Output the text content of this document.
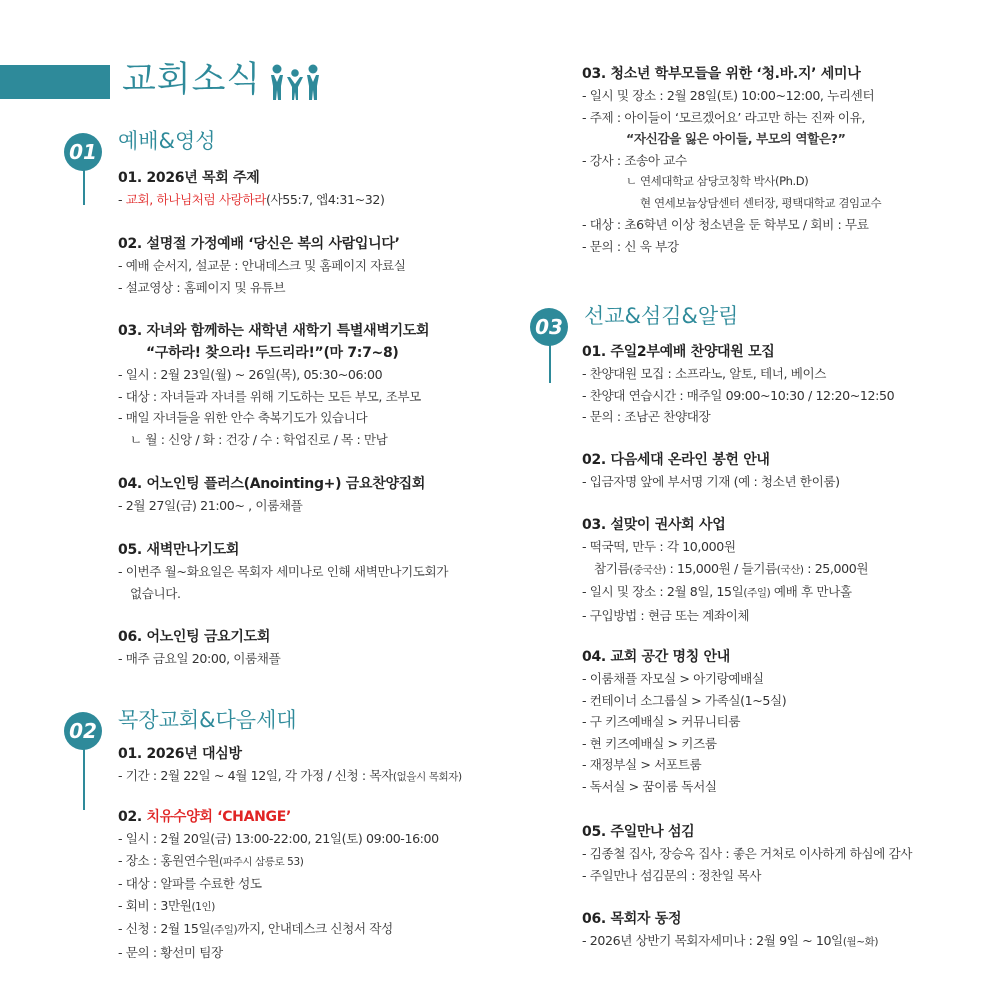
교회소식
01 예배&영성
02 목장교회&다음세대
03 선교&섬김&알림
01. 2026년 목회 주제
- 교회, 하나님처럼 사랑하라(사55:7, 엡4:31~32)
02. 설명절 가정예배 ‘당신은 복의 사람입니다’
- 예배 순서지, 설교문 : 안내데스크 및 홈페이지 자료실
- 설교영상 : 홈페이지 및 유튜브
03. 자녀와 함께하는 새학년 새학기 특별새벽기도회
“구하라! 찾으라! 두드리라!”(마 7:7~8)
- 일시 : 2월 23일(월) ~ 26일(목), 05:30~06:00
- 대상 : 자녀들과 자녀를 위해 기도하는 모든 부모, 조부모
- 매일 자녀들을 위한 안수 축복기도가 있습니다
ㄴ 월 : 신앙 / 화 : 건강 / 수 : 학업진로 / 목 : 만남
04. 어노인팅 플러스(Anointing+) 금요찬양집회
- 2월 27일(금) 21:00~ , 이룸채플
05. 새벽만나기도회
- 이번주 월~화요일은 목회자 세미나로 인해 새벽만나기도회가
없습니다.
06. 어노인팅 금요기도회
- 매주 금요일 20:00, 이룸채플
01. 2026년 대심방
- 기간 : 2월 22일 ~ 4월 12일, 각 가정 / 신청 : 목자(없을시 목회자)
02. 치유수양회 ‘CHANGE’
- 일시 : 2월 20일(금) 13:00-22:00, 21일(토) 09:00-16:00
- 장소 : 홍원연수원(파주시 삼릉로 53)
- 대상 : 알파를 수료한 성도
- 회비 : 3만원(1인)
- 신청 : 2월 15일(주일)까지, 안내데스크 신청서 작성
- 문의 : 황선미 팀장
03. 청소년 학부모들을 위한 ‘청.바.지’ 세미나
- 일시 및 장소 : 2월 28일(토) 10:00~12:00, 누리센터
- 주제 : 아이들이 ‘모르겠어요’ 라고만 하는 진짜 이유,
“자신감을 잃은 아이들, 부모의 역할은?”
- 강사 : 조송아 교수
ㄴ 연세대학교 삼당코칭학 박사(Ph.D)
현 연세보늄상담센터 센터장, 평택대학교 겸임교수
- 대상 : 초6학년 이상 청소년을 둔 학부모 / 회비 : 무료
- 문의 : 신 욱 부강
01. 주일2부예배 찬양대원 모집
- 찬양대원 모집 : 소프라노, 알토, 테너, 베이스
- 찬양대 연습시간 : 매주일 09:00~10:30 / 12:20~12:50
- 문의 : 조남곤 찬양대장
02. 다음세대 온라인 봉헌 안내
- 입금자명 앞에 부서명 기재 (예 : 청소년 한이룸)
03. 설맞이 권사회 사업
- 떡국떡, 만두 : 각 10,000원
참기름(중국산) : 15,000원 / 들기름(국산) : 25,000원
- 일시 및 장소 : 2월 8일, 15일(주일) 예배 후 만나홀
- 구입방법 : 현금 또는 계좌이체
04. 교회 공간 명칭 안내
- 이룸채플 자모실 > 아기랑예배실
- 컨테이너 소그룹실 > 가족실(1~5실)
- 구 키즈예배실 > 커뮤니티룸
- 현 키즈예배실 > 키즈룸
- 재정부실 > 서포트룸
- 독서실 > 꿈이룸 독서실
05. 주일만나 섬김
- 김종철 집사, 장승옥 집사 : 좋은 거처로 이사하게 하심에 감사
- 주일만나 섬김문의 : 정찬일 목사
06. 목회자 동정
- 2026년 상반기 목회자세미나 : 2월 9일 ~ 10일(월~화)
